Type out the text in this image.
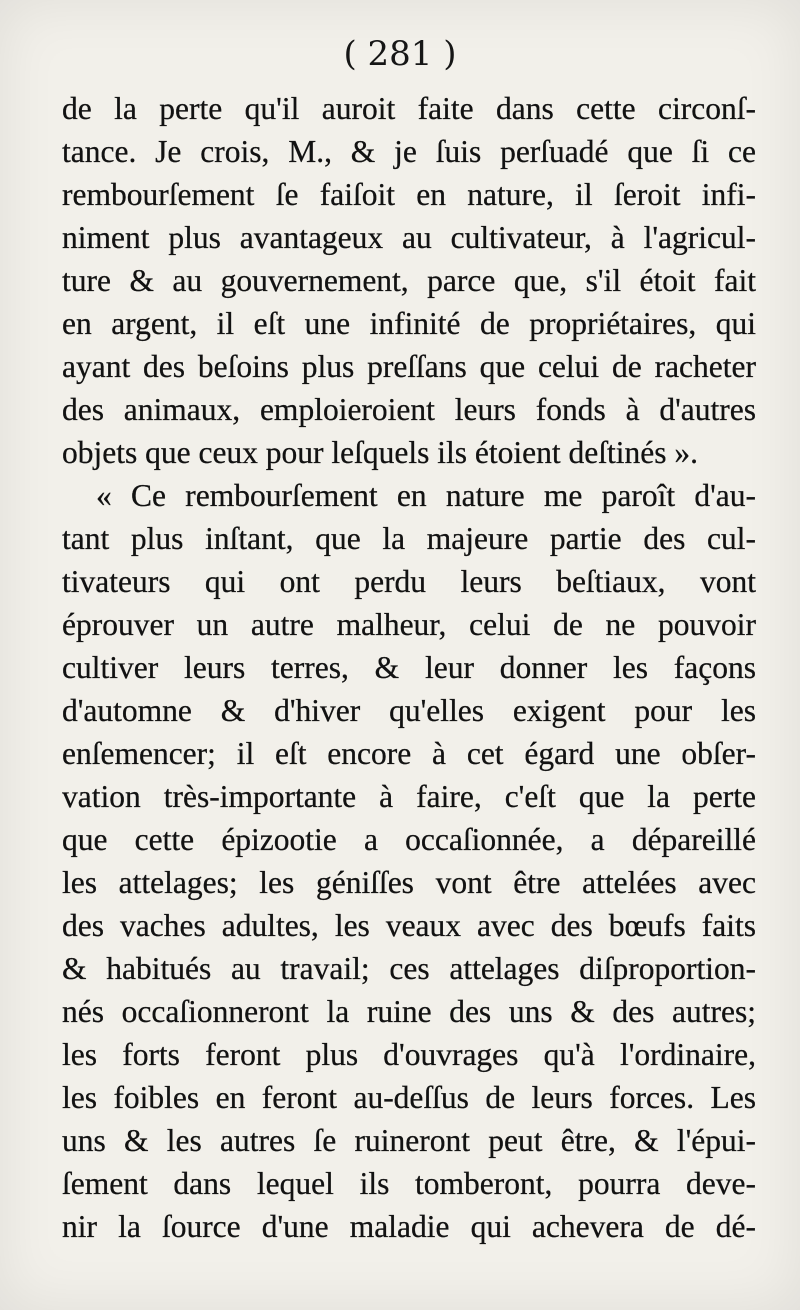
( 281 )
de la perte qu'il auroit faite dans cette circonſ-
tance. Je crois, M., & je ſuis perſuadé que ſi ce
rembourſement ſe faiſoit en nature, il ſeroit infi-
niment plus avantageux au cultivateur, à l'agricul-
ture & au gouvernement, parce que, s'il étoit fait
en argent, il eſt une infinité de propriétaires, qui
ayant des beſoins plus preſſans que celui de racheter
des animaux, emploieroient leurs fonds à d'autres
objets que ceux pour leſquels ils étoient deſtinés ».
« Ce rembourſement en nature me paroît d'au-
tant plus inſtant, que la majeure partie des cul-
tivateurs qui ont perdu leurs beſtiaux, vont
éprouver un autre malheur, celui de ne pouvoir
cultiver leurs terres, & leur donner les façons
d'automne & d'hiver qu'elles exigent pour les
enſemencer; il eſt encore à cet égard une obſer-
vation très-importante à faire, c'eſt que la perte
que cette épizootie a occaſionnée, a dépareillé
les attelages; les géniſſes vont être attelées avec
des vaches adultes, les veaux avec des bœufs faits
& habitués au travail; ces attelages diſproportion-
nés occaſionneront la ruine des uns & des autres;
les forts feront plus d'ouvrages qu'à l'ordinaire,
les foibles en feront au-deſſus de leurs forces. Les
uns & les autres ſe ruineront peut être, & l'épui-
ſement dans lequel ils tomberont, pourra deve-
nir la ſource d'une maladie qui achevera de dé-
